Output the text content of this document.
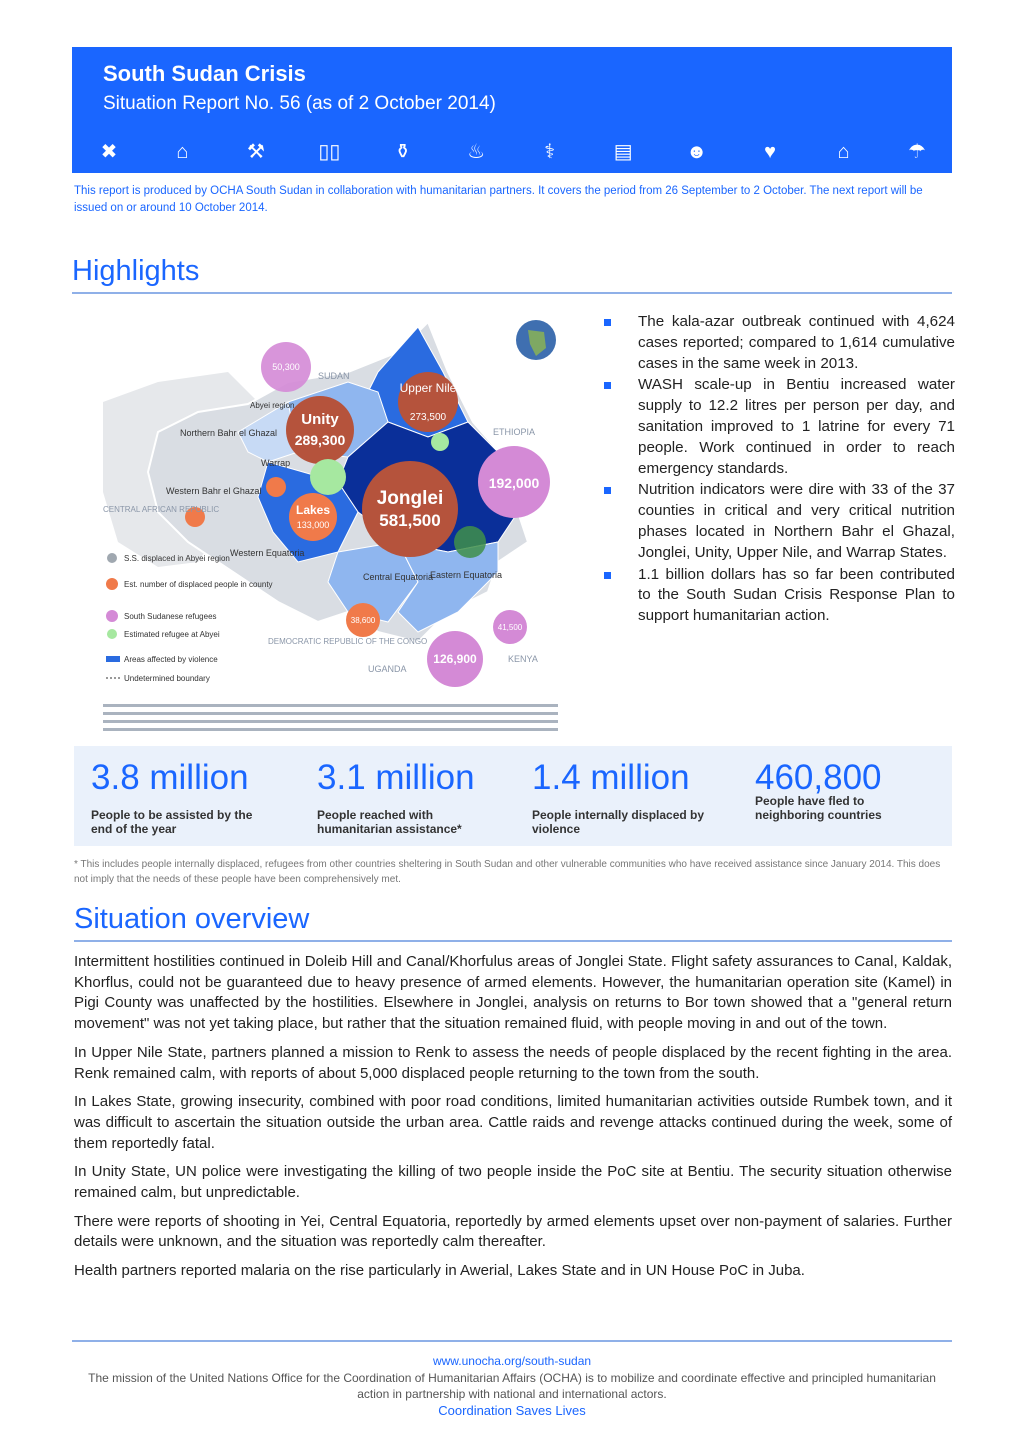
South Sudan Crisis
Situation Report No. 56 (as of 2 October 2014)
✖	⌂	⚒	▯▯	⚱	♨	⚕	▤	☻	♥	⌂	☂
This report is produced by OCHA South Sudan in collaboration with humanitarian partners. It covers the period from 26 September to 2 October. The next report will be issued on or around 10 October 2014.
Highlights
50,300
Upper Nile
273,500
Unity
289,300
192,000
Jonglei
581,500
Lakes
133,000
38,600
41,500
126,900
SUDAN
ETHIOPIA
KENYA
UGANDA
Northern Bahr el Ghazal
Western Bahr el Ghazal
Warrap
Western Equatoria
Central Equatoria
Eastern Equatoria
Abyei region
CENTRAL AFRICAN REPUBLIC
DEMOCRATIC REPUBLIC OF THE CONGO
S.S. displaced in Abyei region
Est. number of displaced people in county
South Sudanese refugees
Estimated refugee at Abyei
Areas affected by violence
Undetermined boundary
The kala-azar outbreak continued with 4,624 cases reported; compared to 1,614 cumulative cases in the same week in 2013.
WASH scale-up in Bentiu increased water supply to 12.2 litres per person per day, and sanitation improved to 1 latrine for every 71 people. Work continued in order to reach emergency standards.
Nutrition indicators were dire with 33 of the 37 counties in critical and very critical nutrition phases located in Northern Bahr el Ghazal, Jonglei, Unity, Upper Nile, and Warrap States.
1.1 billion dollars has so far been contributed to the South Sudan Crisis Response Plan to support humanitarian action.
3.8 million
People to be assisted by the end of the year
3.1 million
People reached with humanitarian assistance*
1.4 million
People internally displaced by violence
460,800
People have fled to neighboring countries
* This includes people internally displaced, refugees from other countries sheltering in South Sudan and other vulnerable communities who have received assistance since January 2014. This does not imply that the needs of these people have been comprehensively met.
Situation overview

Intermittent hostilities continued in Doleib Hill and Canal/Khorfulus areas of Jonglei State. Flight safety assurances to Canal, Kaldak, Khorflus, could not be guaranteed due to heavy presence of armed elements. However, the humanitarian operation site (Kamel) in Pigi County was unaffected by the hostilities. Elsewhere in Jonglei, analysis on returns to Bor town showed that a "general return movement" was not yet taking place, but rather that the situation remained fluid, with people moving in and out of the town.

In Upper Nile State, partners planned a mission to Renk to assess the needs of people displaced by the recent fighting in the area. Renk remained calm, with reports of about 5,000 displaced people returning to the town from the south.

In Lakes State, growing insecurity, combined with poor road conditions, limited humanitarian activities outside Rumbek town, and it was difficult to ascertain the situation outside the urban area. Cattle raids and revenge attacks continued during the week, some of them reportedly fatal.

In Unity State, UN police were investigating the killing of two people inside the PoC site at Bentiu. The security situation otherwise remained calm, but unpredictable.

There were reports of shooting in Yei, Central Equatoria, reportedly by armed elements upset over non-payment of salaries. Further details were unknown, and the situation was reportedly calm thereafter.

Health partners reported malaria on the rise particularly in Awerial, Lakes State and in UN House PoC in Juba.

www.unocha.org/south-sudan
The mission of the United Nations Office for the Coordination of Humanitarian Affairs (OCHA) is to mobilize and coordinate effective and principled humanitarian action in partnership with national and international actors.
Coordination Saves Lives
